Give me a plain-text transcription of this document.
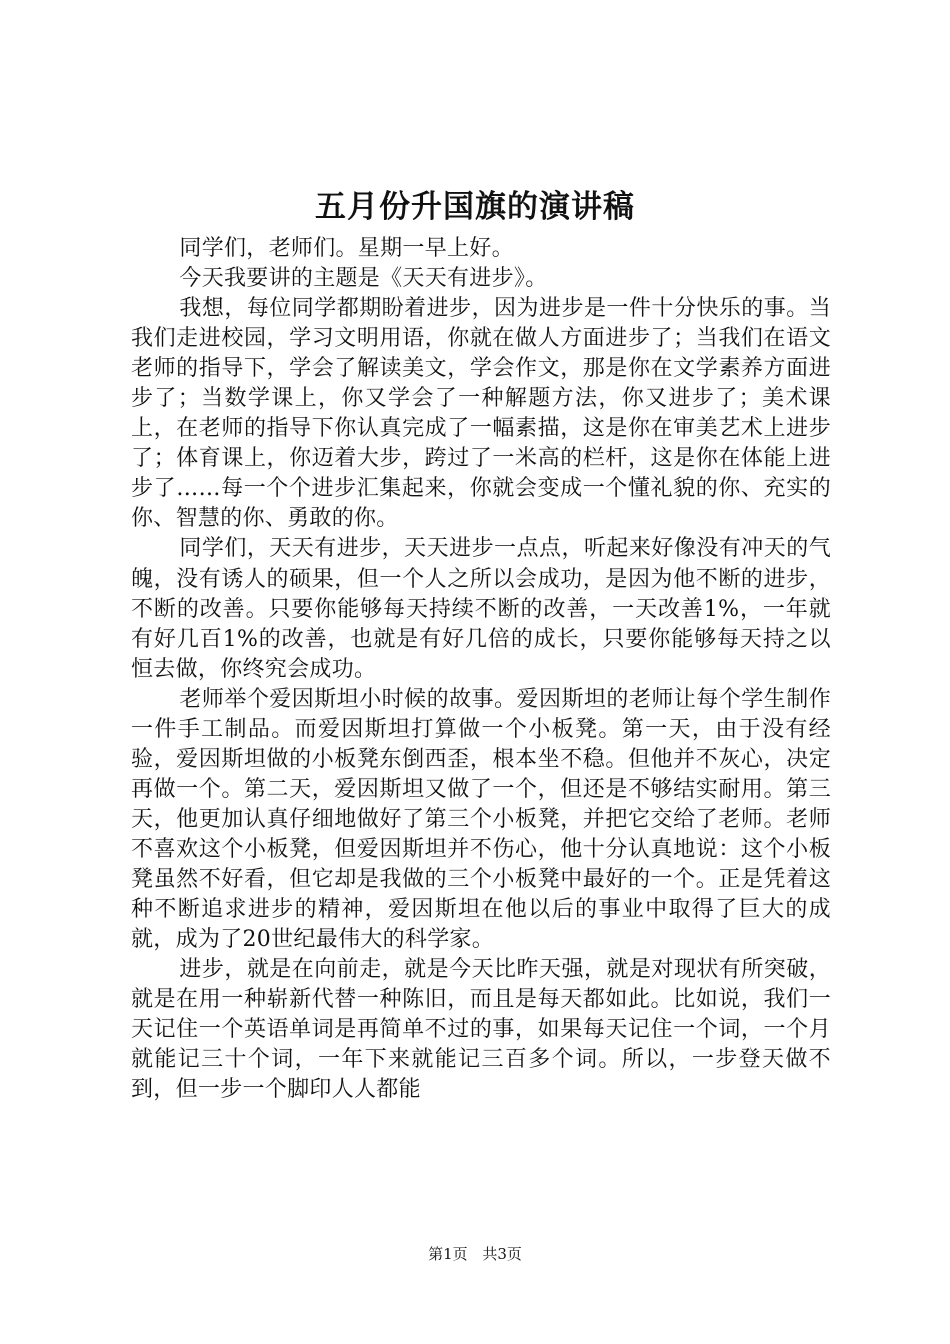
五月份升国旗的演讲稿

同学们，老师们。星期一早上好。

今天我要讲的主题是《天天有进步》。

我想，每位同学都期盼着进步，因为进步是一件十分快乐的事。当我们走进校园，学习文明用语，你就在做人方面进步了；当我们在语文老师的指导下，学会了解读美文，学会作文，那是你在文学素养方面进步了；当数学课上，你又学会了一种解题方法，你又进步了；美术课上，在老师的指导下你认真完成了一幅素描，这是你在审美艺术上进步了；体育课上，你迈着大步，跨过了一米高的栏杆，这是你在体能上进步了……每一个个进步汇集起来，你就会变成一个懂礼貌的你、充实的你、智慧的你、勇敢的你。

同学们，天天有进步，天天进步一点点，听起来好像没有冲天的气魄，没有诱人的硕果，但一个人之所以会成功，是因为他不断的进步，不断的改善。只要你能够每天持续不断的改善，一天改善1%，一年就有好几百1%的改善，也就是有好几倍的成长，只要你能够每天持之以恒去做，你终究会成功。

老师举个爱因斯坦小时候的故事。爱因斯坦的老师让每个学生制作一件手工制品。而爱因斯坦打算做一个小板凳。第一天，由于没有经验，爱因斯坦做的小板凳东倒西歪，根本坐不稳。但他并不灰心，决定再做一个。第二天，爱因斯坦又做了一个，但还是不够结实耐用。第三天，他更加认真仔细地做好了第三个小板凳，并把它交给了老师。老师不喜欢这个小板凳，但爱因斯坦并不伤心，他十分认真地说：这个小板凳虽然不好看，但它却是我做的三个小板凳中最好的一个。正是凭着这种不断追求进步的精神，爱因斯坦在他以后的事业中取得了巨大的成就，成为了20世纪最伟大的科学家。

进步，就是在向前走，就是今天比昨天强，就是对现状有所突破，就是在用一种崭新代替一种陈旧，而且是每天都如此。比如说，我们一天记住一个英语单词是再简单不过的事，如果每天记住一个词，一个月就能记三十个词，一年下来就能记三百多个词。所以，一步登天做不到，但一步一个脚印人人都能

第1页 共3页
